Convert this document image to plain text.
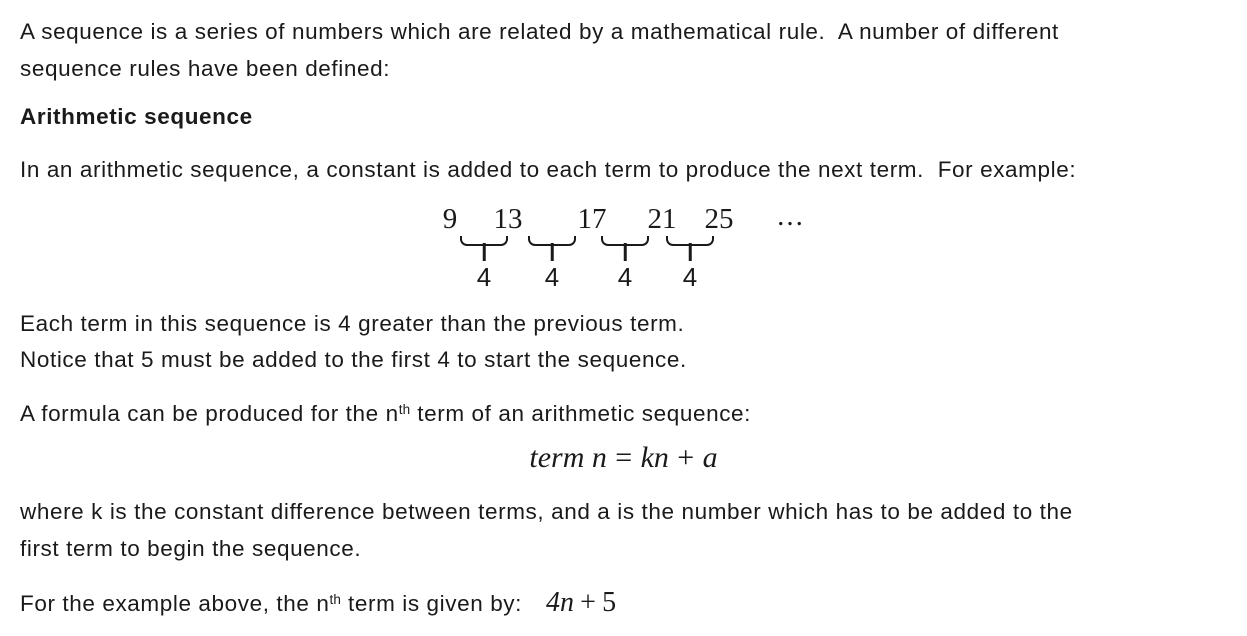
A sequence is a series of numbers which are related by a mathematical rule.  A number of different
sequence rules have been defined:
Arithmetic sequence
In an arithmetic sequence, a constant is added to each term to produce the next term.  For example:
9 13 17 21 25 ...
4 4 4 4
Each term in this sequence is 4 greater than the previous term.
Notice that 5 must be added to the first 4 to start the sequence.
A formula can be produced for the $n^{th}$ term of an arithmetic sequence:
term n = kn + a
where k is the constant difference between terms, and a is the number which has to be added to the
first term to begin the sequence.
For the example above, the $n^{th}$ term is given by: 4n + 5
